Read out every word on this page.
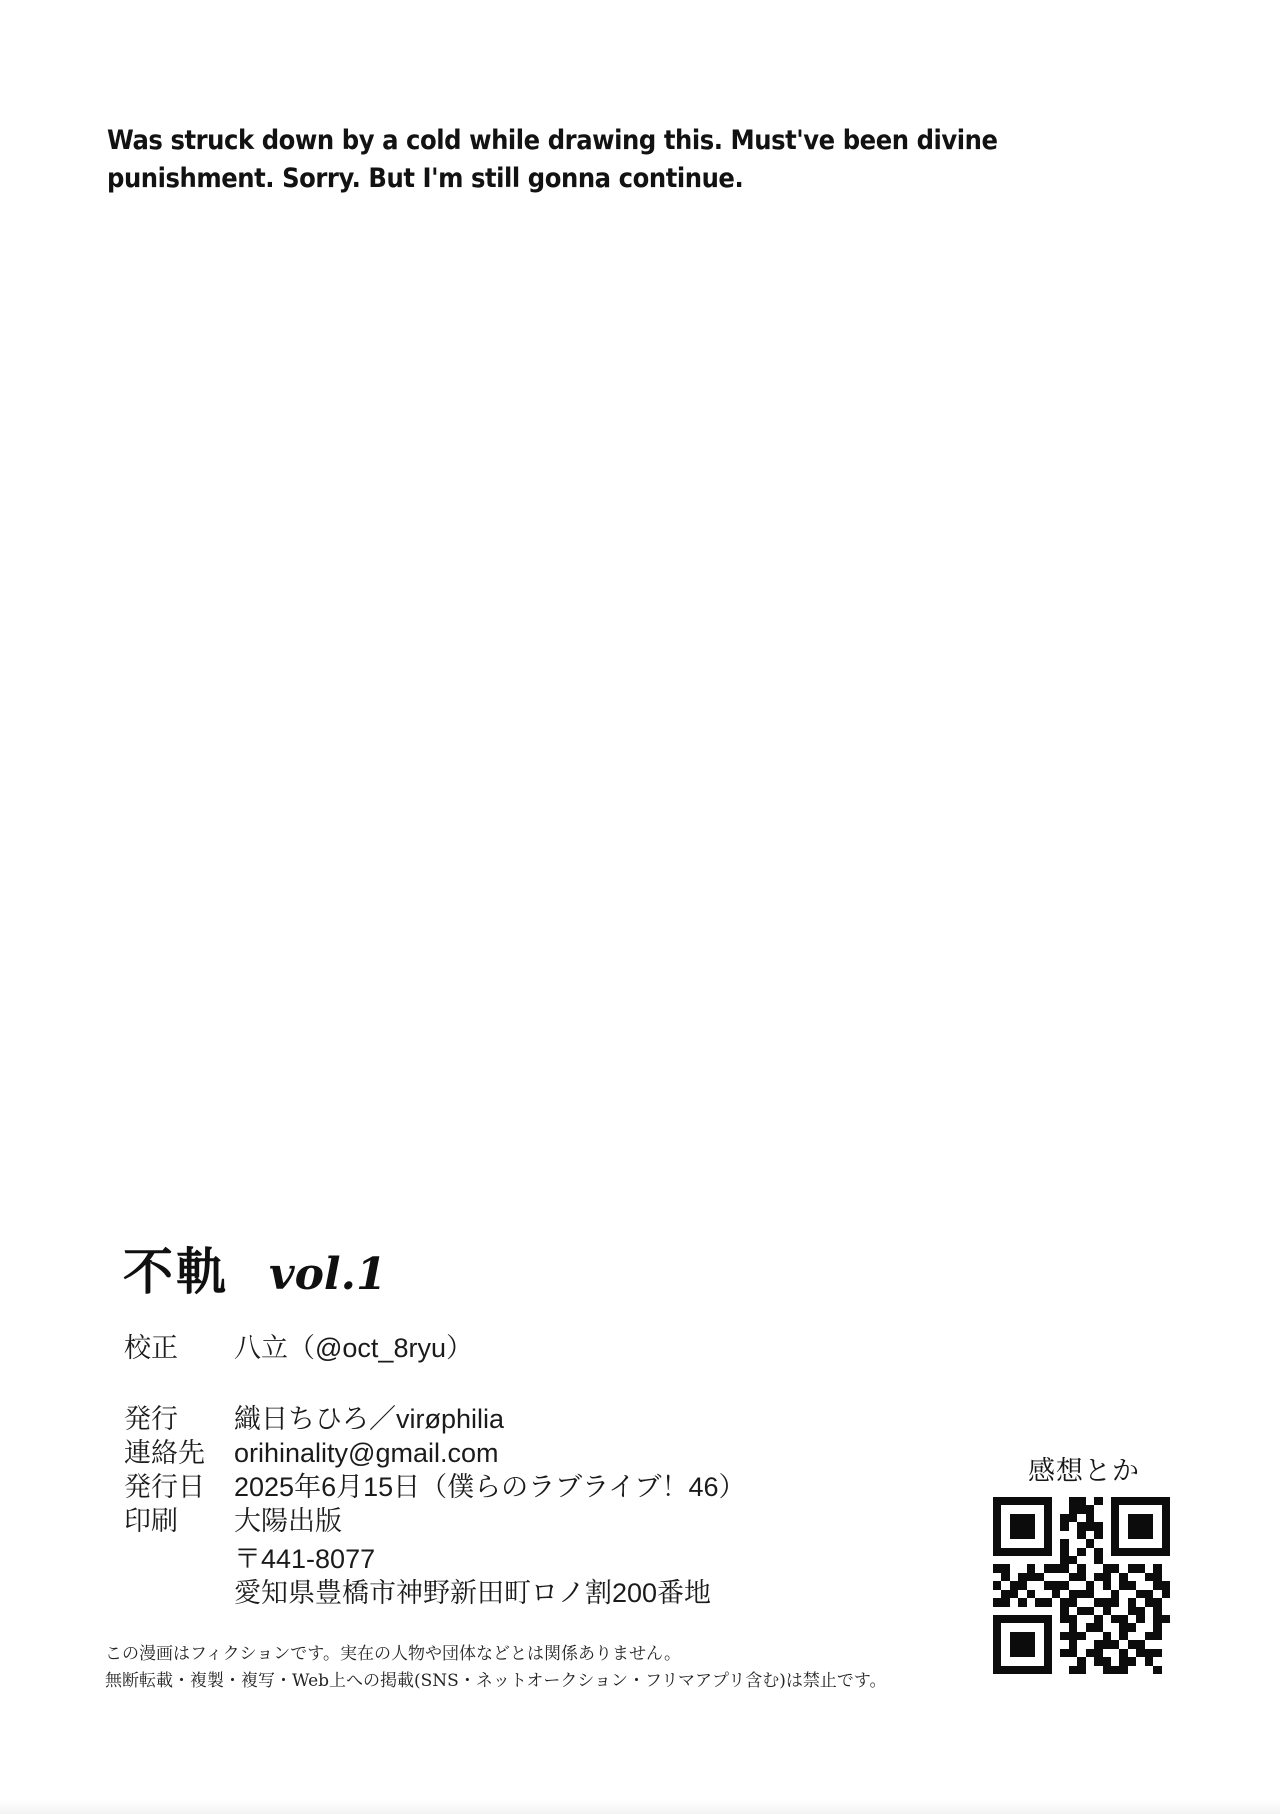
Was struck down by a cold while drawing this. Must've been divine
punishment. Sorry. But I'm still gonna continue.
不軌 vol.1
校正	八立（@oct_8ryu）
発行	織日ちひろ／virøphilia
連絡先	orihinality@gmail.com
発行日	2025年6月15日（僕らのラブライブ！46）
印刷	大陽出版
〒441-8077
愛知県豊橋市神野新田町ロノ割200番地
感想とか
この漫画はフィクションです。実在の人物や団体などとは関係ありません。
無断転載・複製・複写・Web上への掲載(SNS・ネットオークション・フリマアプリ含む)は禁止です。
